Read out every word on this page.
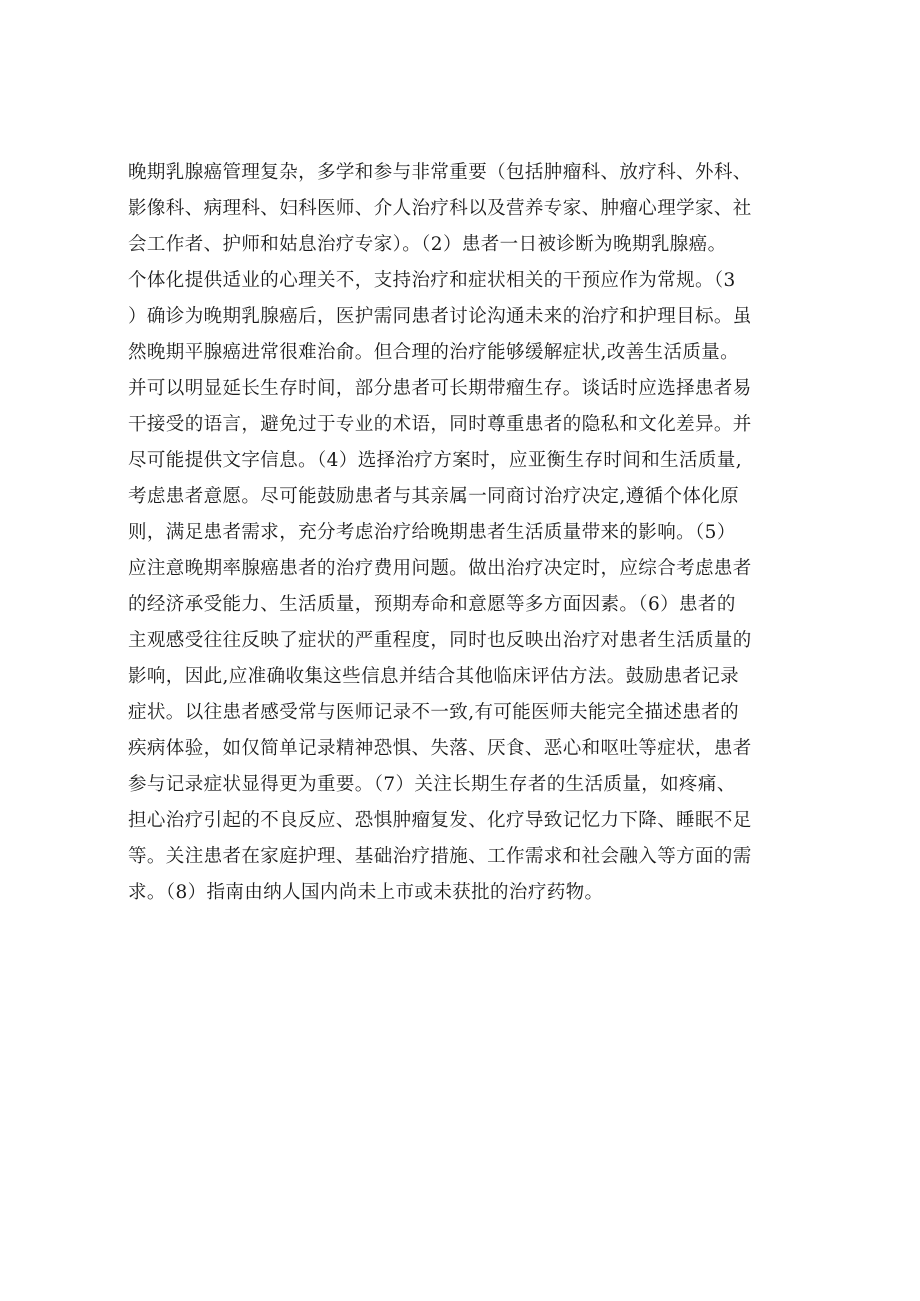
晚期乳腺癌管理复杂，多学和参与非常重要（包括肿瘤科、放疗科、外科、
影像科、病理科、妇科医师、介人治疗科以及营养专家、肿瘤心理学家、社
会工作者、护师和姑息治疗专家）。（2）患者一日被诊断为晚期乳腺癌。
个体化提供适业的心理关不，支持治疗和症状相关的干预应作为常规。（3
）确诊为晚期乳腺癌后，医护需同患者讨论沟通未来的治疗和护理目标。虽
然晚期平腺癌进常很难治俞。但合理的治疗能够缓解症状,改善生活质量。
并可以明显延长生存时间，部分患者可长期带瘤生存。谈话时应选择患者易
干接受的语言，避免过于专业的术语，同时尊重患者的隐私和文化差异。并
尽可能提供文字信息。（4）选择治疗方案时，应亚衡生存时间和生活质量,
考虑患者意愿。尽可能鼓励患者与其亲属一同商讨治疗决定,遵循个体化原
则，满足患者需求，充分考虑治疗给晚期患者生活质量带来的影响。（5）
应注意晚期率腺癌患者的治疗费用问题。做出治疗决定时，应综合考虑患者
的经济承受能力、生活质量，预期寿命和意愿等多方面因素。（6）患者的
主观感受往往反映了症状的严重程度，同时也反映出治疗对患者生活质量的
影响，因此,应准确收集这些信息并结合其他临床评估方法。鼓励患者记录
症状。以往患者感受常与医师记录不一致,有可能医师夫能完全描述患者的
疾病体验，如仅简单记录精神恐惧、失落、厌食、恶心和呕吐等症状，患者
参与记录症状显得更为重要。（7）关注长期生存者的生活质量，如疼痛、
担心治疗引起的不良反应、恐惧肿瘤复发、化疗导致记忆力下降、睡眠不足
等。关注患者在家庭护理、基础治疗措施、工作需求和社会融入等方面的需
求。（8）指南由纳人国内尚未上市或未获批的治疗药物。
